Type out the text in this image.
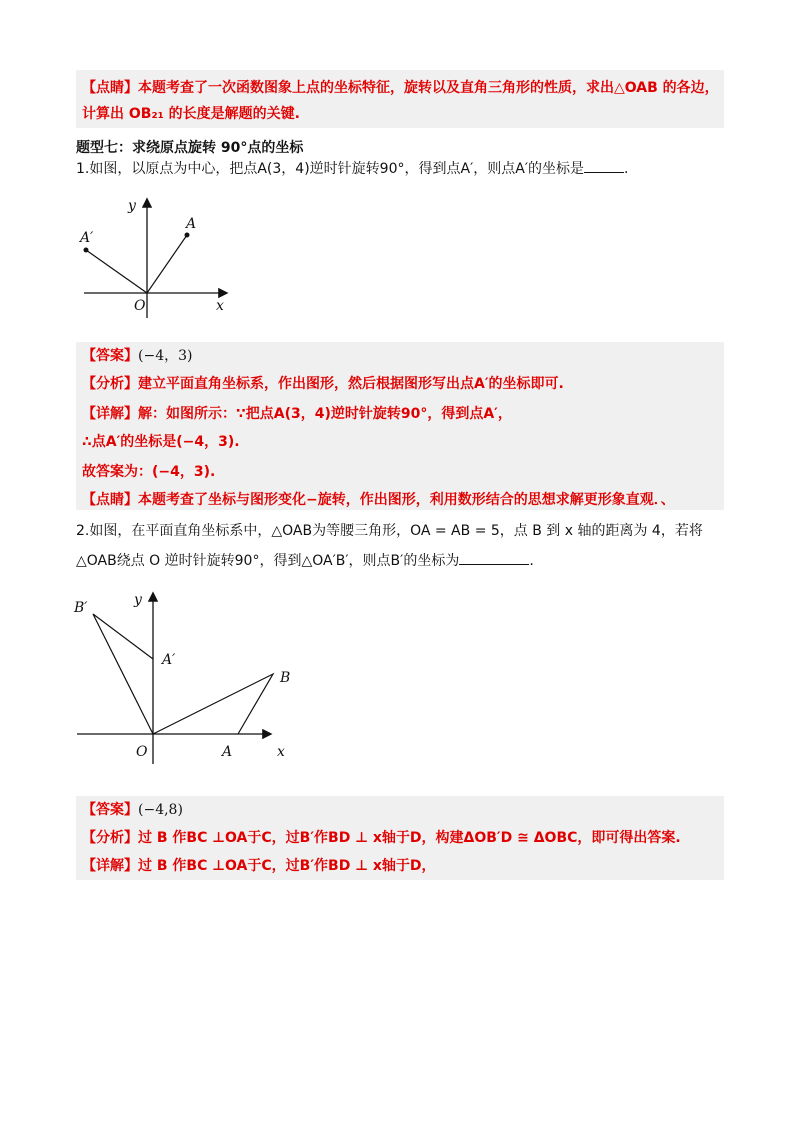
【点睛】本题考查了一次函数图象上点的坐标特征，旋转以及直角三角形的性质，求出△OAB 的各边，
计算出 OB₂₁ 的长度是解题的关键.
题型七：求绕原点旋转 90°点的坐标
1.如图，以原点为中心，把点A(3，4)逆时针旋转90°，得到点A′，则点A′的坐标是	.
y
x
O
A
A′
【答案】(−4，3)
【分析】建立平面直角坐标系，作出图形，然后根据图形写出点A′的坐标即可.
【详解】解：如图所示：∵把点A(3，4)逆时针旋转90°，得到点A′，
∴点A′的坐标是(−4，3).
故答案为：(−4，3).
【点睛】本题考查了坐标与图形变化−旋转，作出图形，利用数形结合的思想求解更形象直观．、
2.如图，在平面直角坐标系中，△OAB为等腰三角形，OA = AB = 5，点 B 到 x 轴的距离为 4，若将
△OAB绕点 O 逆时针旋转90°，得到△OA′B′，则点B′的坐标为	.
y
x
O	A
B
A′
B′
【答案】(−4,8)
【分析】过 B 作BC ⊥OA于C，过B′作BD ⊥ x轴于D，构建ΔOB′D ≅ ΔOBC，即可得出答案.
【详解】过 B 作BC ⊥OA于C，过B′作BD ⊥ x轴于D，
